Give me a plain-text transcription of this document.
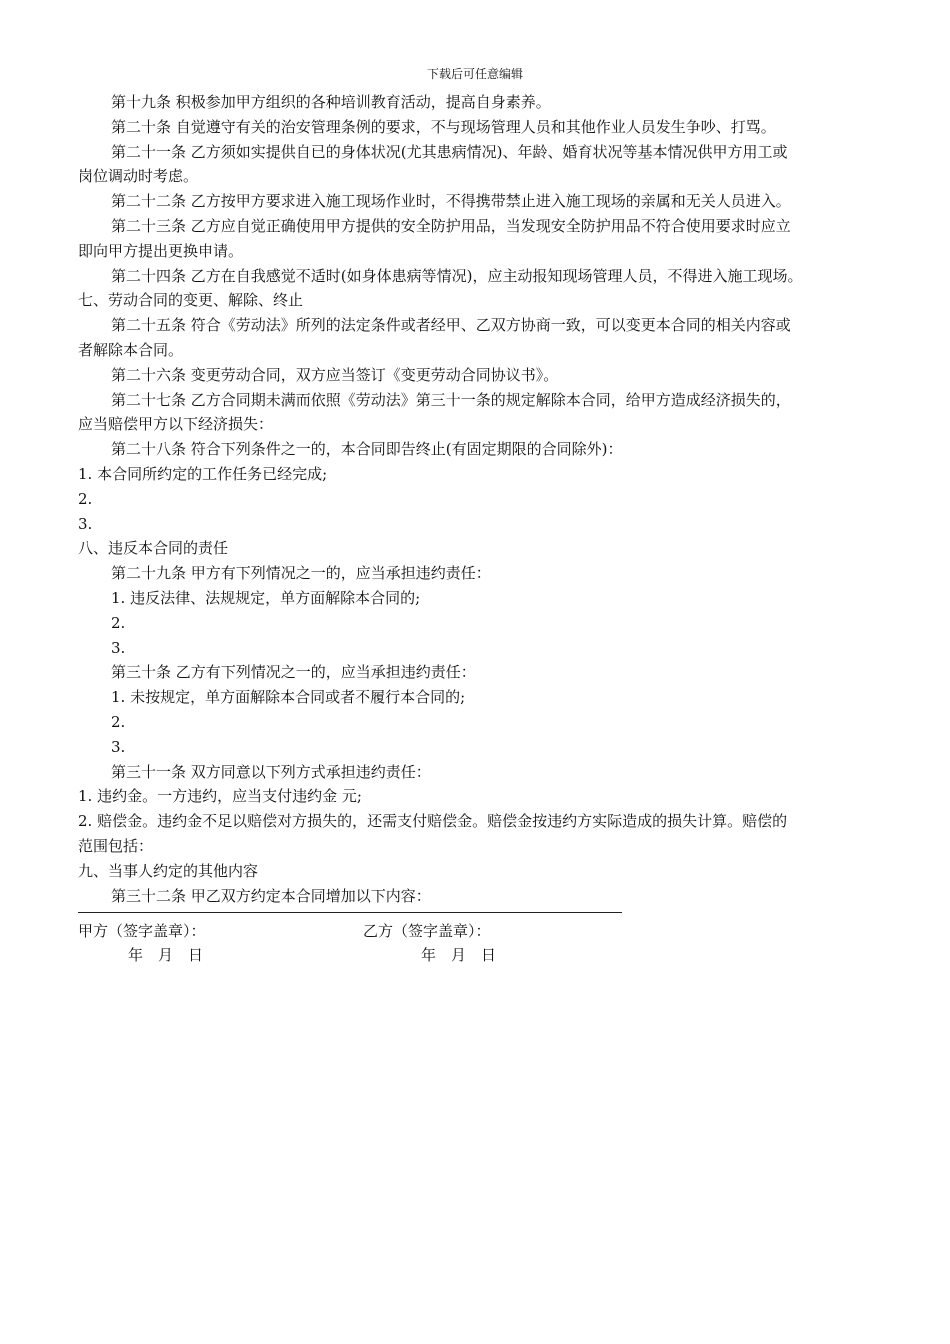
下载后可任意编辑
第十九条 积极参加甲方组织的各种培训教育活动，提高自身素养。
第二十条 自觉遵守有关的治安管理条例的要求，不与现场管理人员和其他作业人员发生争吵、打骂。
第二十一条 乙方须如实提供自已的身体状况(尤其患病情况)、年龄、婚育状况等基本情况供甲方用工或
岗位调动时考虑。
第二十二条 乙方按甲方要求进入施工现场作业时，不得携带禁止进入施工现场的亲属和无关人员进入。
第二十三条 乙方应自觉正确使用甲方提供的安全防护用品，当发现安全防护用品不符合使用要求时应立
即向甲方提出更换申请。
第二十四条 乙方在自我感觉不适时(如身体患病等情况)，应主动报知现场管理人员，不得进入施工现场。
七、劳动合同的变更、解除、终止
第二十五条 符合《劳动法》所列的法定条件或者经甲、乙双方协商一致，可以变更本合同的相关内容或
者解除本合同。
第二十六条 变更劳动合同，双方应当签订《变更劳动合同协议书》。
第二十七条 乙方合同期未满而依照《劳动法》第三十一条的规定解除本合同，给甲方造成经济损失的，
应当赔偿甲方以下经济损失：
第二十八条 符合下列条件之一的，本合同即告终止(有固定期限的合同除外)：
1. 本合同所约定的工作任务已经完成;
2.
3.
八、违反本合同的责任
第二十九条 甲方有下列情况之一的，应当承担违约责任：
1. 违反法律、法规规定，单方面解除本合同的;
2.
3.
第三十条 乙方有下列情况之一的，应当承担违约责任：
1. 未按规定，单方面解除本合同或者不履行本合同的;
2.
3.
第三十一条 双方同意以下列方式承担违约责任：
1. 违约金。一方违约，应当支付违约金 元;
2. 赔偿金。违约金不足以赔偿对方损失的，还需支付赔偿金。赔偿金按违约方实际造成的损失计算。赔偿的
范围包括：
九、当事人约定的其他内容
第三十二条 甲乙双方约定本合同增加以下内容：
甲方（签字盖章）：	乙方（签字盖章）：
年　月　日	年　月　日
